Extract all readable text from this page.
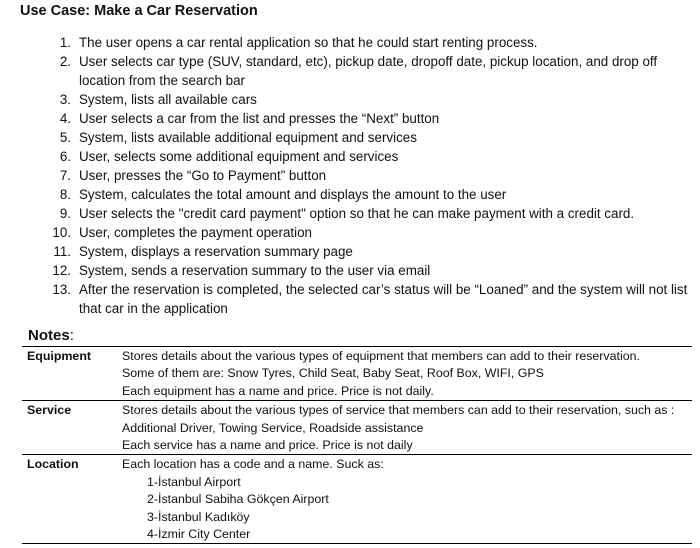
Use Case: Make a Car Reservation
1. The user opens a car rental application so that he could start renting process.
2. User selects car type (SUV, standard, etc), pickup date, dropoff date, pickup location, and drop off location from the search bar
3. System, lists all available cars
4. User selects a car from the list and presses the “Next” button
5. System, lists available additional equipment and services
6. User, selects some additional equipment and services
7. User, presses the “Go to Payment” button
8. System, calculates the total amount and displays the amount to the user
9. User selects the "credit card payment" option so that he can make payment with a credit card.
10. User, completes the payment operation
11. System, displays a reservation summary page
12. System, sends a reservation summary to the user via email
13. After the reservation is completed, the selected car’s status will be “Loaned” and the system will not list that car in the application
Notes:
Equipment	Stores details about the various types of equipment that members can add to their reservation.
Some of them are: Snow Tyres, Child Seat, Baby Seat, Roof Box, WIFI, GPS
Each equipment has a name and price. Price is not daily.

Service	Stores details about the various types of service that members can add to their reservation, such as : Additional Driver, Towing Service, Roadside assistance
Each service has a name and price. Price is not daily

Location	Each location has a code and a name. Suck as:
1-İstanbul Airport
2-İstanbul Sabiha Gökçen Airport
3-İstanbul Kadıköy
4-İzmir City Center
